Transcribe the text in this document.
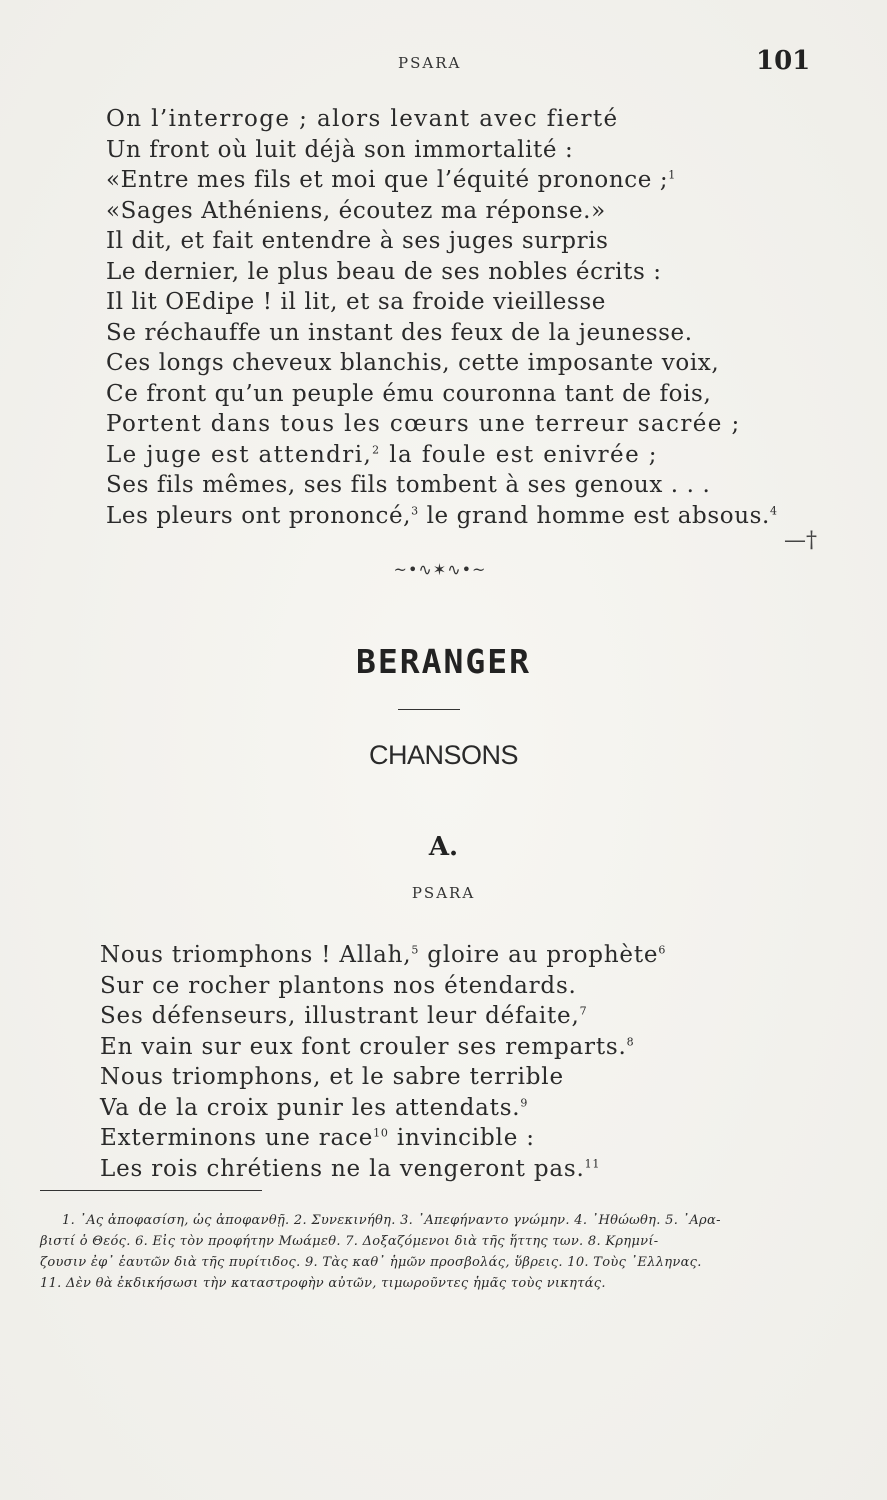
PSARA	101
On l’interroge ; alors levant avec fierté
Un front où luit déjà son immortalité :
«Entre mes fils et moi que l’équité prononce ;$^1$
«Sages Athéniens, écoutez ma réponse.»
Il dit, et fait entendre à ses juges surpris
Le dernier, le plus beau de ses nobles écrits :
Il lit OEdipe ! il lit, et sa froide vieillesse
Se réchauffe un instant des feux de la jeunesse.
Ces longs cheveux blanchis, cette imposante voix,
Ce front qu’un peuple ému couronna tant de fois,
Portent dans tous les cœurs une terreur sacrée ;
Le juge est attendri,$^2$ la foule est enivrée ;
Ses fils mêmes, ses fils tombent à ses genoux . . .
Les pleurs ont prononcé,$^3$ le grand homme est absous.$^4$
—†
~•∿✶∿•~
BERANGER
CHANSONS
A.
PSARA
Nous triomphons ! Allah,$^5$ gloire au prophète$^6$
Sur ce rocher plantons nos étendards.
Ses défenseurs, illustrant leur défaite,$^7$
En vain sur eux font crouler ses remparts.$^8$
Nous triomphons, et le sabre terrible
Va de la croix punir les attendats.$^9$
Exterminons une race$^{10}$ invincible :
Les rois chrétiens ne la vengeront pas.$^{11}$
1. ᾽Ας ἀποφασίση, ὡς ἀποφανθῇ. 2. Συνεκινήθη. 3. ᾿Απεφήναντο γνώμην. 4. ᾿Ηθώωθη. 5. ᾿Αρα-
βιστί ὁ Θεός. 6. Εἰς τὸν προφήτην Μωάμεθ. 7. Δοξαζόμενοι διὰ τῆς ἥττης των. 8. Κρημνί-
ζουσιν ἐφ᾽ ἑαυτῶν διὰ τῆς πυρίτιδος. 9. Τὰς καθ᾽ ἡμῶν προσβολάς, ὕβρεις. 10. Τοὺς ᾽Ελληνας.
11. Δὲν θὰ ἐκδικήσωσι τὴν καταστροφὴν αὐτῶν, τιμωροῦντες ἡμᾶς τοὺς νικητάς.
